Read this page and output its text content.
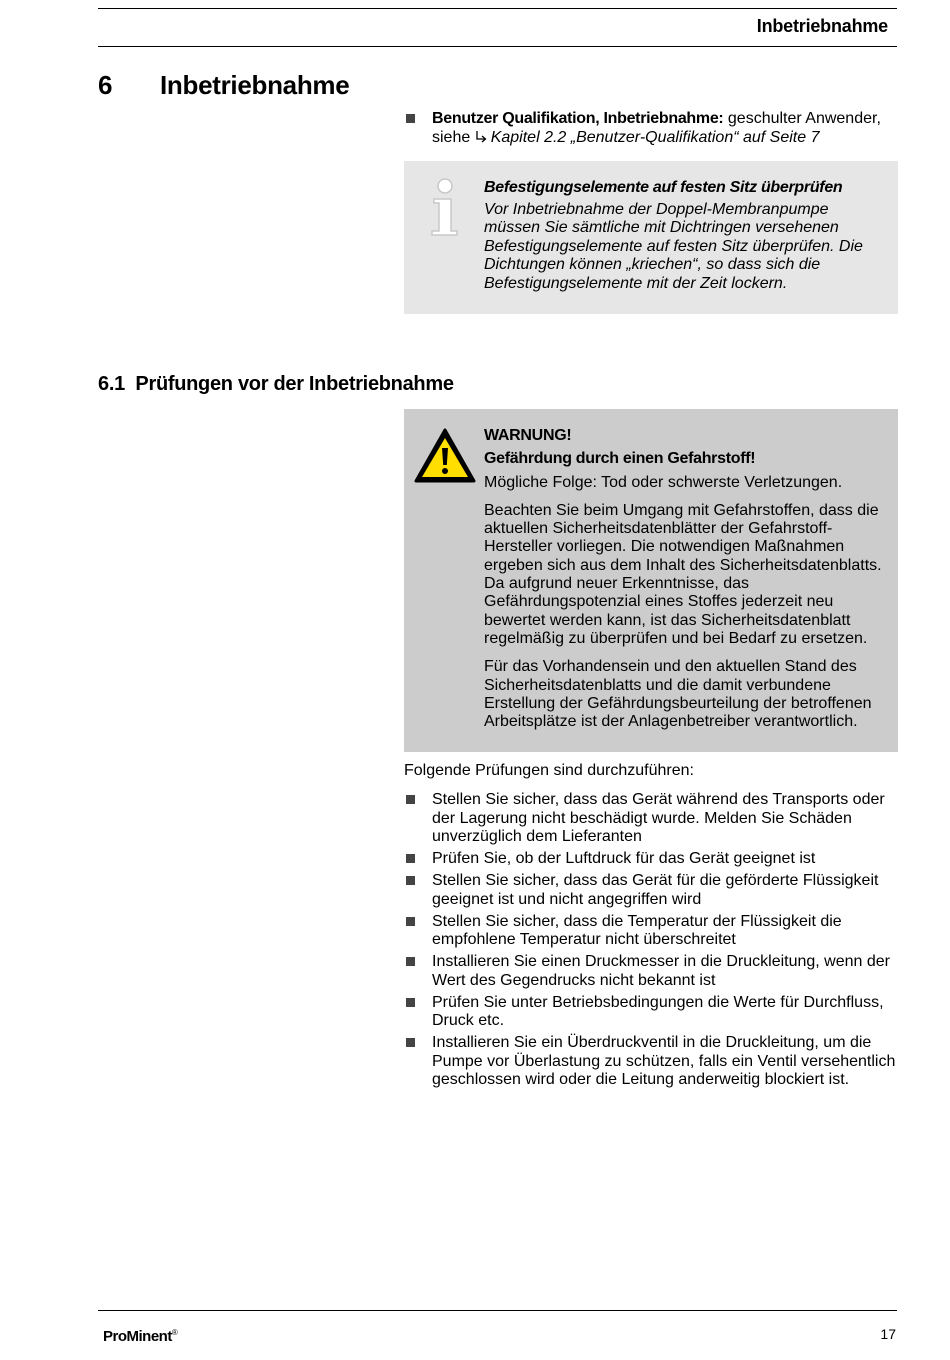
Inbetriebnahme
6 Inbetriebnahme
Benutzer Qualifikation, Inbetriebnahme: geschulter Anwender, siehe Kapitel 2.2 „Benutzer-Qualifikation“ auf Seite 7
Befestigungselemente auf festen Sitz überprüfen
Vor Inbetriebnahme der Doppel-Membranpumpe müssen Sie sämtliche mit Dichtringen versehenen Befestigungselemente auf festen Sitz überprüfen. Die Dichtungen können „kriechen“, so dass sich die Befestigungselemente mit der Zeit lockern.
6.1 Prüfungen vor der Inbetriebnahme

WARNUNG!

Gefährdung durch einen Gefahrstoff!

Mögliche Folge: Tod oder schwerste Verletzungen.

Beachten Sie beim Umgang mit Gefahrstoffen, dass die aktuellen Sicherheitsdatenblätter der Gefahrstoff-Hersteller vorliegen. Die notwendigen Maßnahmen ergeben sich aus dem Inhalt des Sicherheitsdatenblatts. Da aufgrund neuer Erkenntnisse, das Gefährdungspotenzial eines Stoffes jederzeit neu bewertet werden kann, ist das Sicherheitsdatenblatt regelmäßig zu überprüfen und bei Bedarf zu ersetzen.

Für das Vorhandensein und den aktuellen Stand des Sicherheitsdatenblatts und die damit verbundene Erstellung der Gefährdungsbeurteilung der betroffenen Arbeitsplätze ist der Anlagenbetreiber verantwortlich.

Folgende Prüfungen sind durchzuführen:
Stellen Sie sicher, dass das Gerät während des Transports oder der Lagerung nicht beschädigt wurde. Melden Sie Schäden unverzüglich dem Lieferanten
Prüfen Sie, ob der Luftdruck für das Gerät geeignet ist
Stellen Sie sicher, dass das Gerät für die geförderte Flüssigkeit geeignet ist und nicht angegriffen wird
Stellen Sie sicher, dass die Temperatur der Flüssigkeit die empfohlene Temperatur nicht überschreitet
Installieren Sie einen Druckmesser in die Druckleitung, wenn der Wert des Gegendrucks nicht bekannt ist
Prüfen Sie unter Betriebsbedingungen die Werte für Durchfluss, Druck etc.
Installieren Sie ein Überdruckventil in die Druckleitung, um die Pumpe vor Überlastung zu schützen, falls ein Ventil versehentlich geschlossen wird oder die Leitung anderweitig blockiert ist.
ProMinent®	17
